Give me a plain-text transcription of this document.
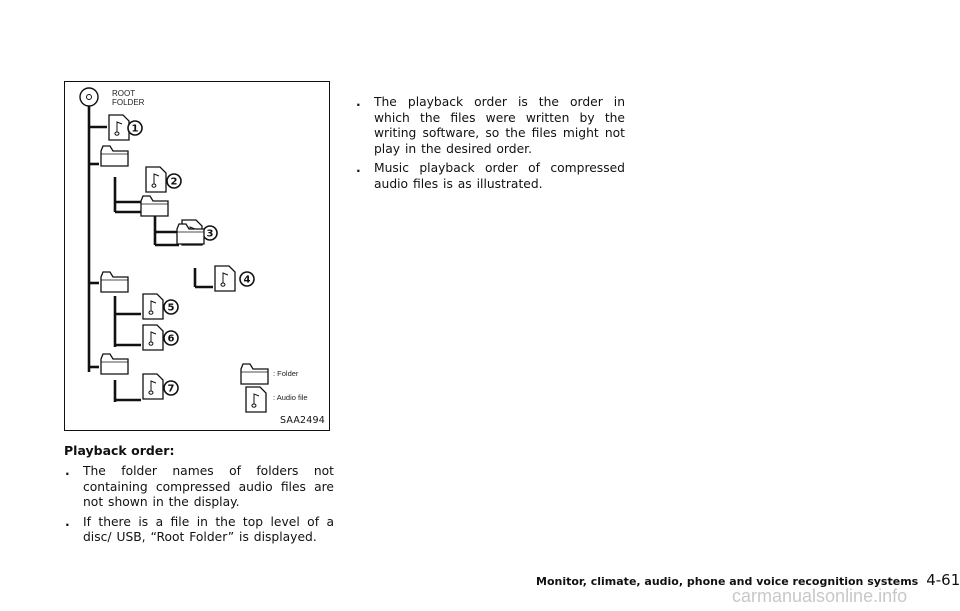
1
2
3
4
5
6
7
ROOT
FOLDER
: Folder
: Audio file
SAA2494
Playback order:
. The folder names of folders not containing compressed audio files are not shown in the display.
. If there is a file in the top level of a disc/ USB, “Root Folder” is displayed.
. The playback order is the order in which the files were written by the writing software, so the files might not play in the desired order.
. Music playback order of compressed audio files is as illustrated.
Monitor, climate, audio, phone and voice recognition systems 4-61
carmanualsonline.info
